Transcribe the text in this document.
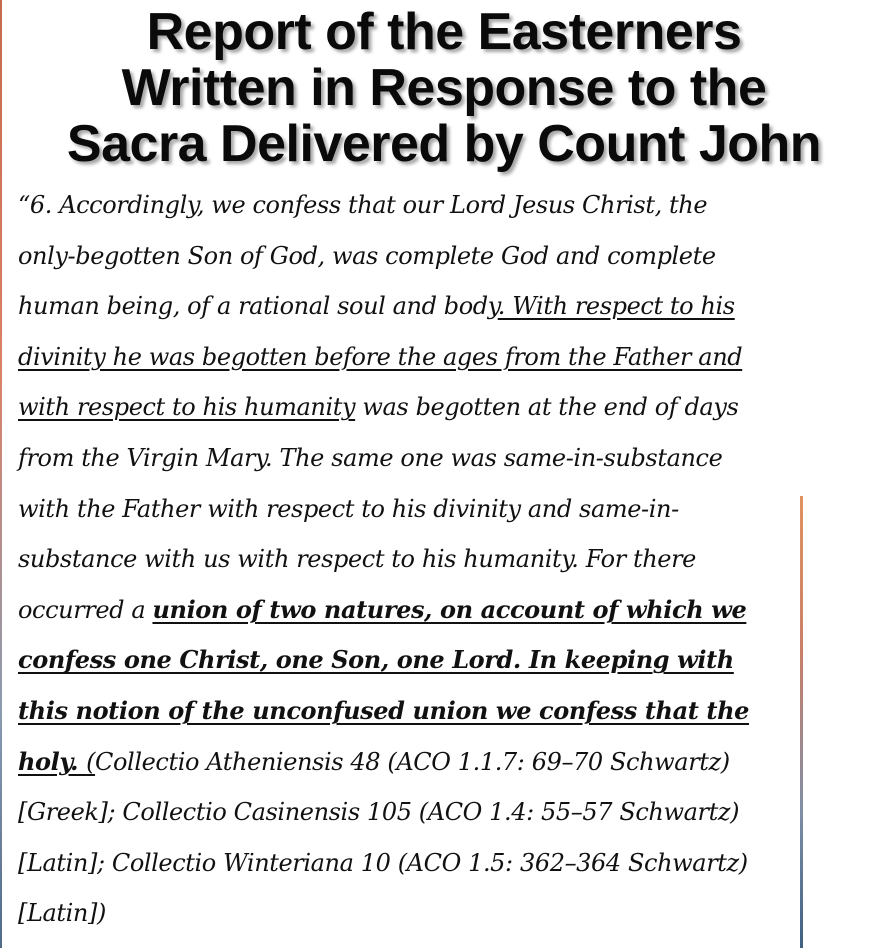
Report of the Easterners
Written in Response to the
Sacra Delivered by Count John
“6. Accordingly, we confess that our Lord Jesus Christ, the
only-begotten Son of God, was complete God and complete
human being, of a rational soul and body. With respect to his
divinity he was begotten before the ages from the Father and
with respect to his humanity was begotten at the end of days
from the Virgin Mary. The same one was same-in-substance
with the Father with respect to his divinity and same-in-
substance with us with respect to his humanity. For there
occurred a union of two natures, on account of which we
confess one Christ, one Son, one Lord. In keeping with
this notion of the unconfused union we confess that the
holy. (Collectio Atheniensis 48 (ACO 1.1.7: 69–70 Schwartz)
[Greek]; Collectio Casinensis 105 (ACO 1.4: 55–57 Schwartz)
[Latin]; Collectio Winteriana 10 (ACO 1.5: 362–364 Schwartz)
[Latin])
